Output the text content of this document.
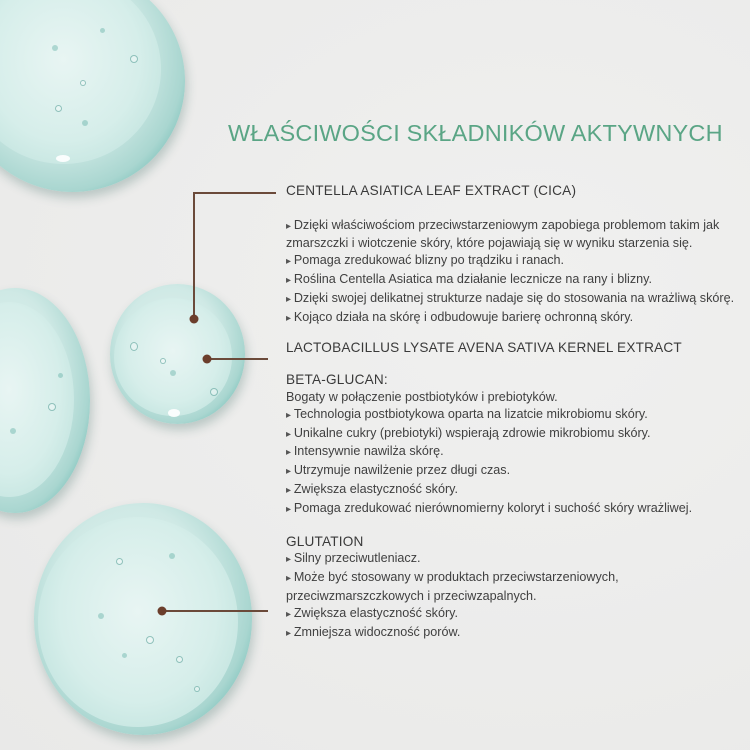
WŁAŚCIWOŚCI SKŁADNIKÓW AKTYWNYCH
CENTELLA ASIATICA LEAF EXTRACT (CICA)

▸ Dzięki właściwościom przeciwstarzeniowym zapobiega problemom takim jak zmarszczki i wiotczenie skóry, które pojawiają się w wyniku starzenia się.

▸ Pomaga zredukować blizny po trądziku i ranach.

▸ Roślina Centella Asiatica ma działanie lecznicze na rany i blizny.

▸ Dzięki swojej delikatnej strukturze nadaje się do stosowania na wrażliwą skórę.

▸ Kojąco działa na skórę i odbudowuje barierę ochronną skóry.

LACTOBACILLUS LYSATE AVENA SATIVA KERNEL EXTRACT
BETA-GLUCAN:

Bogaty w połączenie postbiotyków i prebiotyków.

▸ Technologia postbiotykowa oparta na lizatcie mikrobiomu skóry.

▸ Unikalne cukry (prebiotyki) wspierają zdrowie mikrobiomu skóry.

▸ Intensywnie nawilża skórę.

▸ Utrzymuje nawilżenie przez długi czas.

▸ Zwiększa elastyczność skóry.

▸ Pomaga zredukować nierównomierny koloryt i suchość skóry wrażliwej.

GLUTATION

▸ Silny przeciwutleniacz.

▸ Może być stosowany w produktach przeciwstarzeniowych, przeciwzmarszczkowych i przeciwzapalnych.

▸ Zwiększa elastyczność skóry.

▸ Zmniejsza widoczność porów.
